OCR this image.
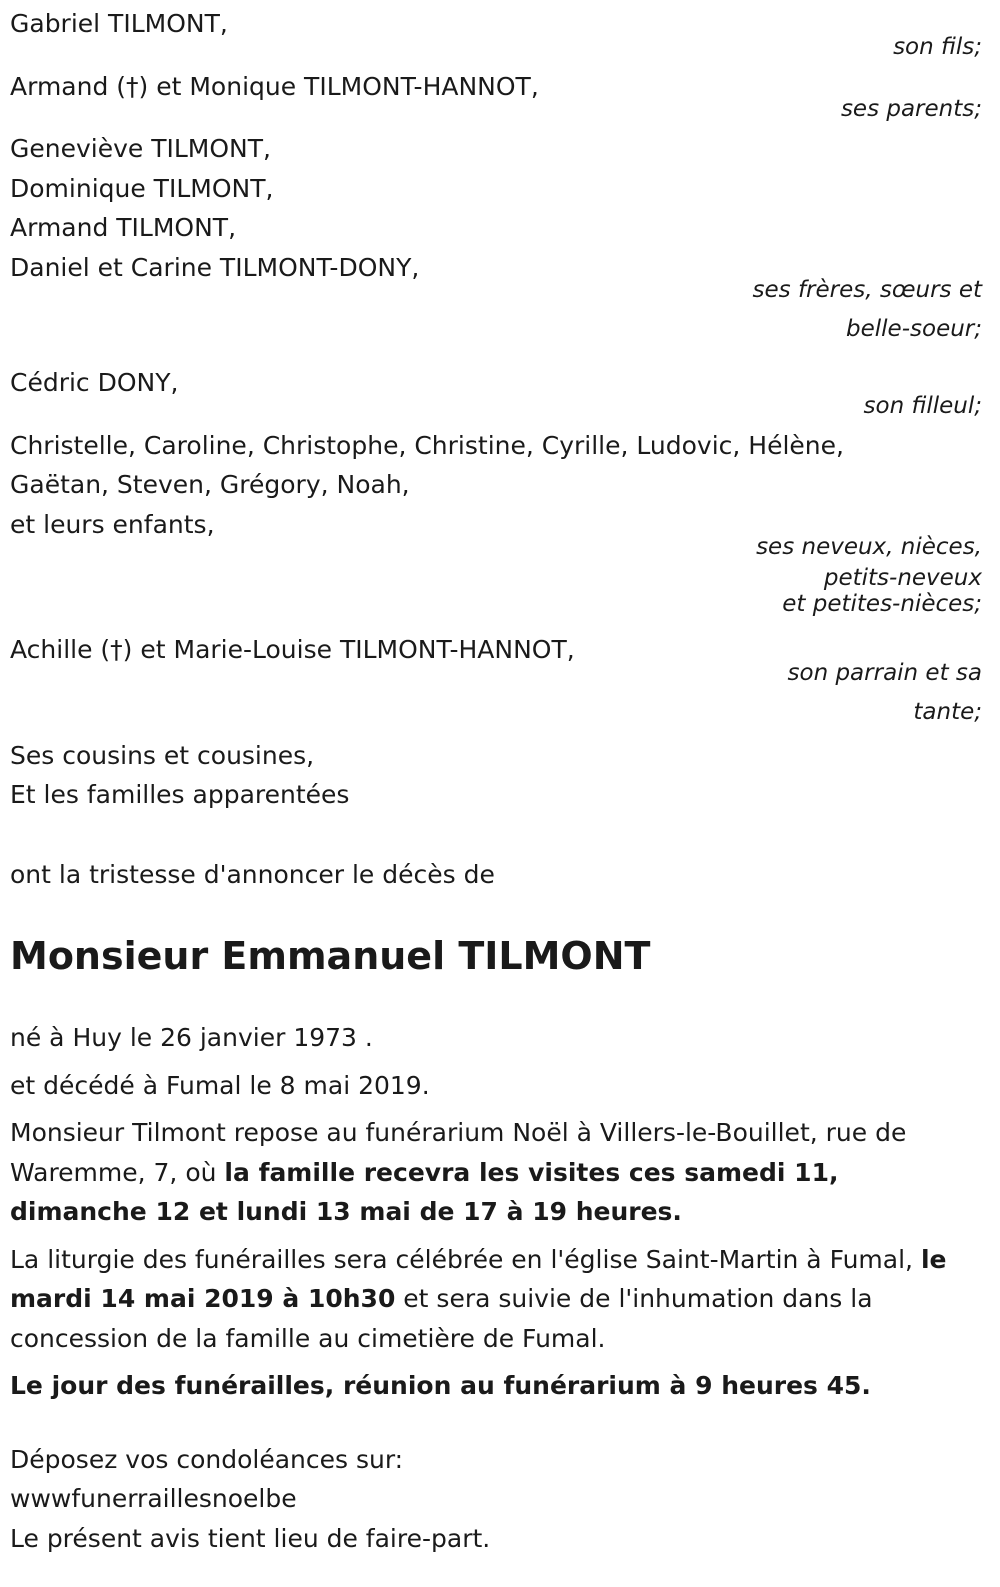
Gabriel TILMONT,
son fils;
Armand (†) et Monique TILMONT-HANNOT,
ses parents;
Geneviève TILMONT,
Dominique TILMONT,
Armand TILMONT,
Daniel et Carine TILMONT-DONY,
ses frères, sœurs et
belle-soeur;
Cédric DONY,
son filleul;
Christelle, Caroline, Christophe, Christine, Cyrille, Ludovic, Hélène,
Gaëtan, Steven, Grégory, Noah,
et leurs enfants,
ses neveux, nièces,
petits-neveux
et petites-nièces;
Achille (†) et Marie-Louise TILMONT-HANNOT,
son parrain et sa
tante;
Ses cousins et cousines,
Et les familles apparentées
ont la tristesse d'annoncer le décès de
Monsieur Emmanuel TILMONT
né à Huy le 26 janvier 1973 .
et décédé à Fumal le 8 mai 2019.
Monsieur Tilmont repose au funérarium Noël à Villers-le-Bouillet, rue de Waremme, 7, où la famille recevra les visites ces samedi 11, dimanche 12 et lundi 13 mai de 17 à 19 heures.
La liturgie des funérailles sera célébrée en l'église Saint-Martin à Fumal, le mardi 14 mai 2019 à 10h30 et sera suivie de l'inhumation dans la concession de la famille au cimetière de Fumal.
Le jour des funérailles, réunion au funérarium à 9 heures 45.
Déposez vos condoléances sur:
wwwfunerraillesnoelbe
Le présent avis tient lieu de faire-part.
